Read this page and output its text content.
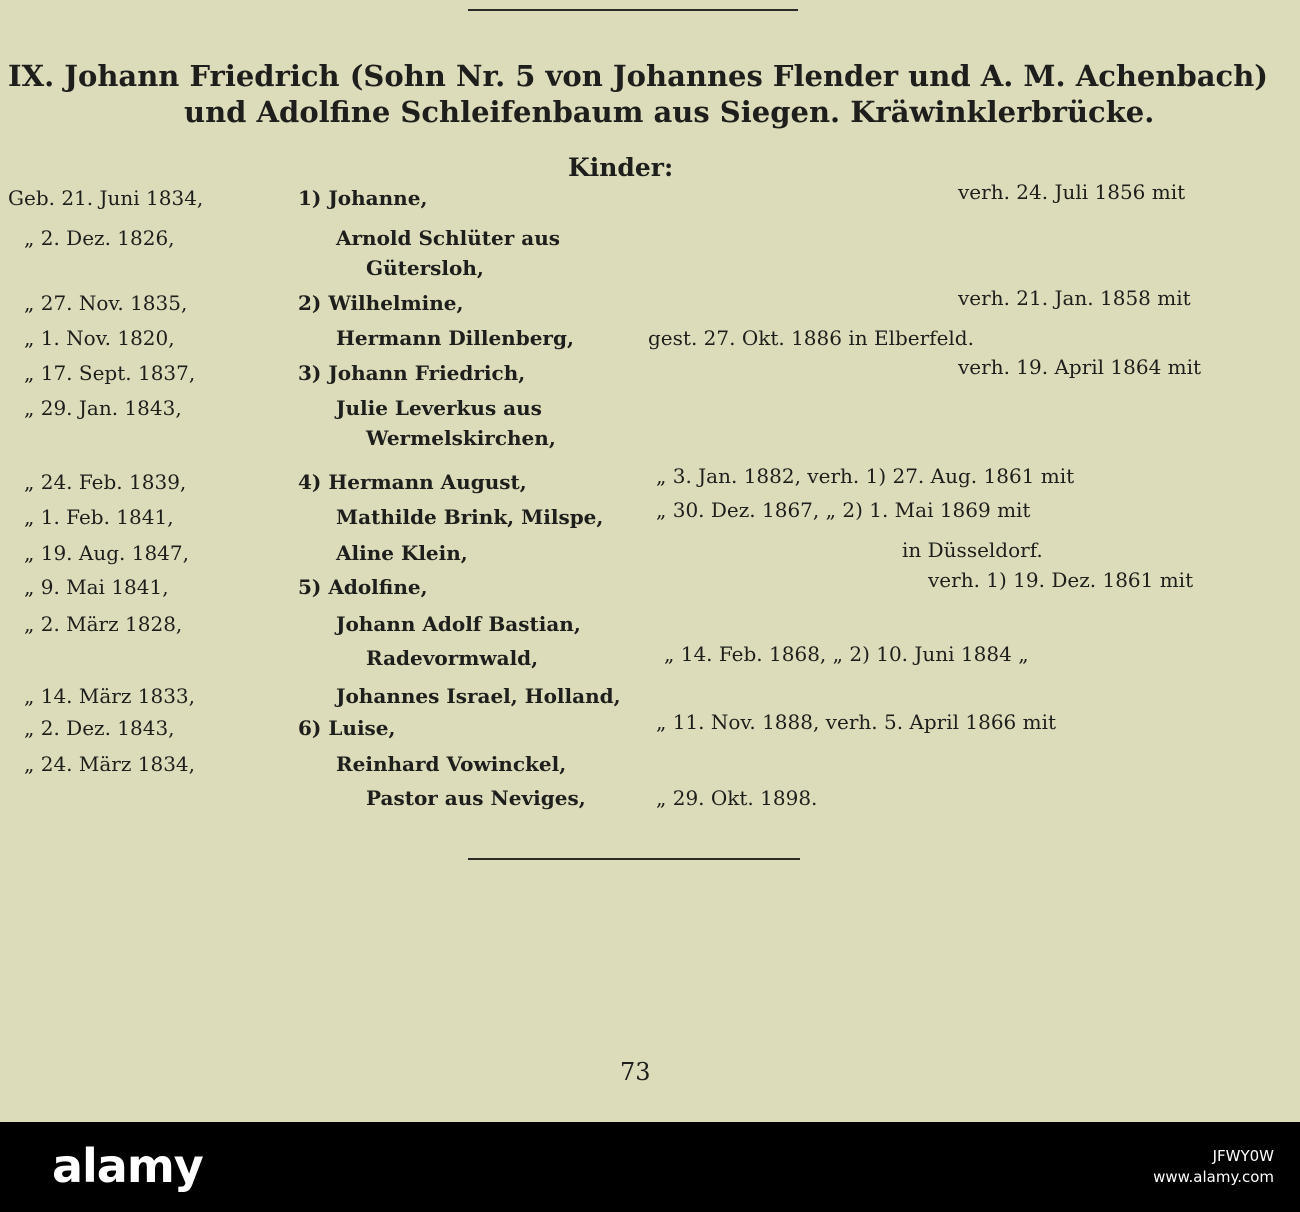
IX. Johann Friedrich (Sohn Nr. 5 von Johannes Flender und A. M. Achenbach)
und Adolfine Schleifenbaum aus Siegen. Kräwinklerbrücke.
Kinder:
Geb. 21. Juni 1834,
„ 2. Dez. 1826,
„ 27. Nov. 1835,
„ 1. Nov. 1820,
„ 17. Sept. 1837,
„ 29. Jan. 1843,
„ 24. Feb. 1839,
„ 1. Feb. 1841,
„ 19. Aug. 1847,
„ 9. Mai 1841,
„ 2. März 1828,
„ 14. März 1833,
„ 2. Dez. 1843,
„ 24. März 1834,
1) Johanne,
Arnold Schlüter aus
Gütersloh,
2) Wilhelmine,
Hermann Dillenberg,
3) Johann Friedrich,
Julie Leverkus aus
Wermelskirchen,
4) Hermann August,
Mathilde Brink, Milspe,
Aline Klein,
5) Adolfine,
Johann Adolf Bastian,
Radevormwald,
Johannes Israel, Holland,
6) Luise,
Reinhard Vowinckel,
Pastor aus Neviges,
verh. 24. Juli 1856 mit
verh. 21. Jan. 1858 mit
gest. 27. Okt. 1886 in Elberfeld.
verh. 19. April 1864 mit
„ 3. Jan. 1882, verh. 1) 27. Aug. 1861 mit
„ 30. Dez. 1867, „ 2) 1. Mai 1869 mit
in Düsseldorf.
verh. 1) 19. Dez. 1861 mit
„ 14. Feb. 1868, „ 2) 10. Juni 1884 „
„ 11. Nov. 1888, verh. 5. April 1866 mit
„ 29. Okt. 1898.
73
alamy	JFWY0W
www.alamy.com
